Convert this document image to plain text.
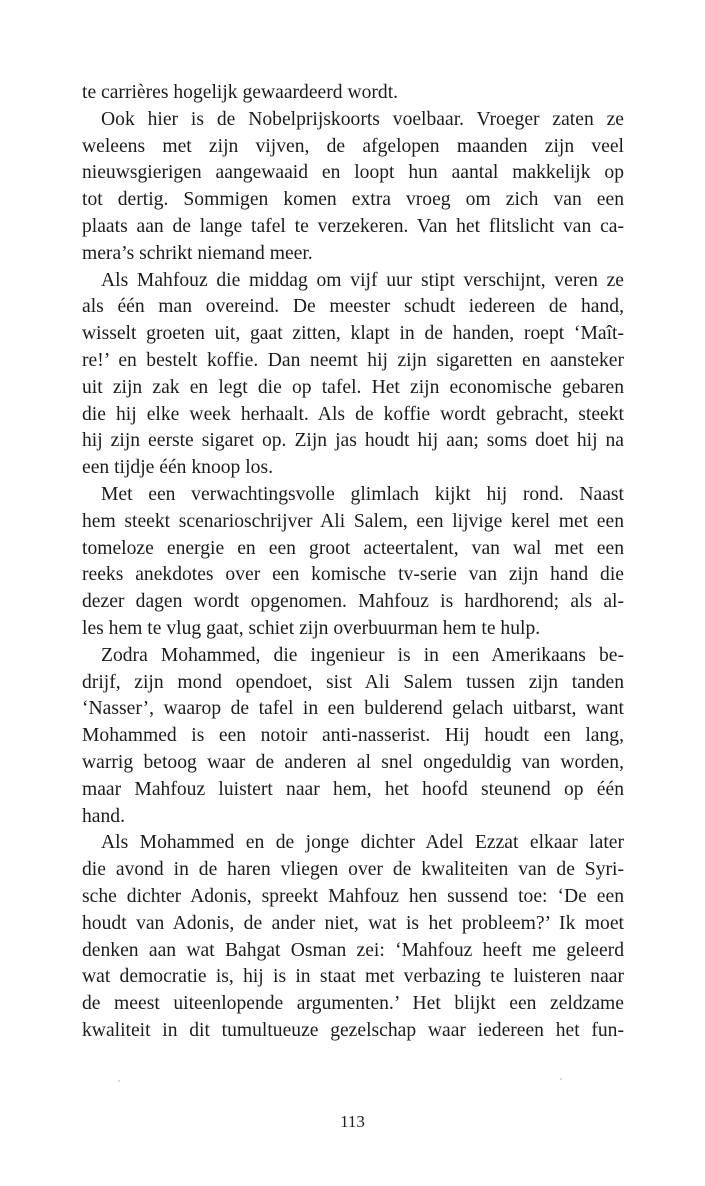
te carrières hogelijk gewaardeerd wordt.
Ook hier is de Nobelprijskoorts voelbaar. Vroeger zaten ze
weleens met zijn vijven, de afgelopen maanden zijn veel
nieuwsgierigen aangewaaid en loopt hun aantal makkelijk op
tot dertig. Sommigen komen extra vroeg om zich van een
plaats aan de lange tafel te verzekeren. Van het flitslicht van ca-
mera’s schrikt niemand meer.
Als Mahfouz die middag om vijf uur stipt verschijnt, veren ze
als één man overeind. De meester schudt iedereen de hand,
wisselt groeten uit, gaat zitten, klapt in de handen, roept ‘Maît-
re!’ en bestelt koffie. Dan neemt hij zijn sigaretten en aansteker
uit zijn zak en legt die op tafel. Het zijn economische gebaren
die hij elke week herhaalt. Als de koffie wordt gebracht, steekt
hij zijn eerste sigaret op. Zijn jas houdt hij aan; soms doet hij na
een tijdje één knoop los.
Met een verwachtingsvolle glimlach kijkt hij rond. Naast
hem steekt scenarioschrijver Ali Salem, een lijvige kerel met een
tomeloze energie en een groot acteertalent, van wal met een
reeks anekdotes over een komische tv-serie van zijn hand die
dezer dagen wordt opgenomen. Mahfouz is hardhorend; als al-
les hem te vlug gaat, schiet zijn overbuurman hem te hulp.
Zodra Mohammed, die ingenieur is in een Amerikaans be-
drijf, zijn mond opendoet, sist Ali Salem tussen zijn tanden
‘Nasser’, waarop de tafel in een bulderend gelach uitbarst, want
Mohammed is een notoir anti-nasserist. Hij houdt een lang,
warrig betoog waar de anderen al snel ongeduldig van worden,
maar Mahfouz luistert naar hem, het hoofd steunend op één
hand.
Als Mohammed en de jonge dichter Adel Ezzat elkaar later
die avond in de haren vliegen over de kwaliteiten van de Syri-
sche dichter Adonis, spreekt Mahfouz hen sussend toe: ‘De een
houdt van Adonis, de ander niet, wat is het probleem?’ Ik moet
denken aan wat Bahgat Osman zei: ‘Mahfouz heeft me geleerd
wat democratie is, hij is in staat met verbazing te luisteren naar
de meest uiteenlopende argumenten.’ Het blijkt een zeldzame
kwaliteit in dit tumultueuze gezelschap waar iedereen het fun-
113
